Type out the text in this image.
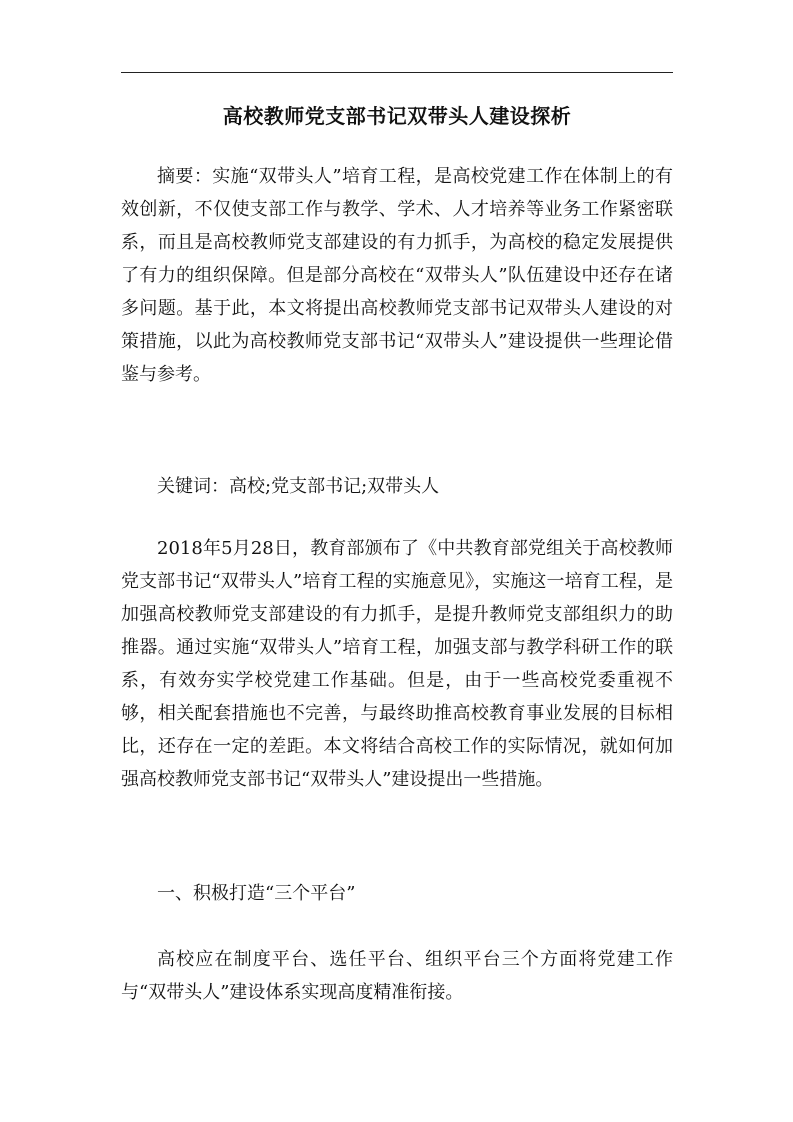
高校教师党支部书记双带头人建设探析

摘要：实施“双带头人”培育工程，是高校党建工作在体制上的有效创新，不仅使支部工作与教学、学术、人才培养等业务工作紧密联系，而且是高校教师党支部建设的有力抓手，为高校的稳定发展提供了有力的组织保障。但是部分高校在“双带头人”队伍建设中还存在诸多问题。基于此，本文将提出高校教师党支部书记双带头人建设的对策措施，以此为高校教师党支部书记“双带头人”建设提供一些理论借鉴与参考。

关键词：高校;党支部书记;双带头人

2018年5月28日，教育部颁布了《中共教育部党组关于高校教师党支部书记“双带头人”培育工程的实施意见》，实施这一培育工程，是加强高校教师党支部建设的有力抓手，是提升教师党支部组织力的助推器。通过实施“双带头人”培育工程，加强支部与教学科研工作的联系，有效夯实学校党建工作基础。但是，由于一些高校党委重视不够，相关配套措施也不完善，与最终助推高校教育事业发展的目标相比，还存在一定的差距。本文将结合高校工作的实际情况，就如何加强高校教师党支部书记“双带头人”建设提出一些措施。

一、积极打造“三个平台”

高校应在制度平台、选任平台、组织平台三个方面将党建工作与“双带头人”建设体系实现高度精准衔接。
